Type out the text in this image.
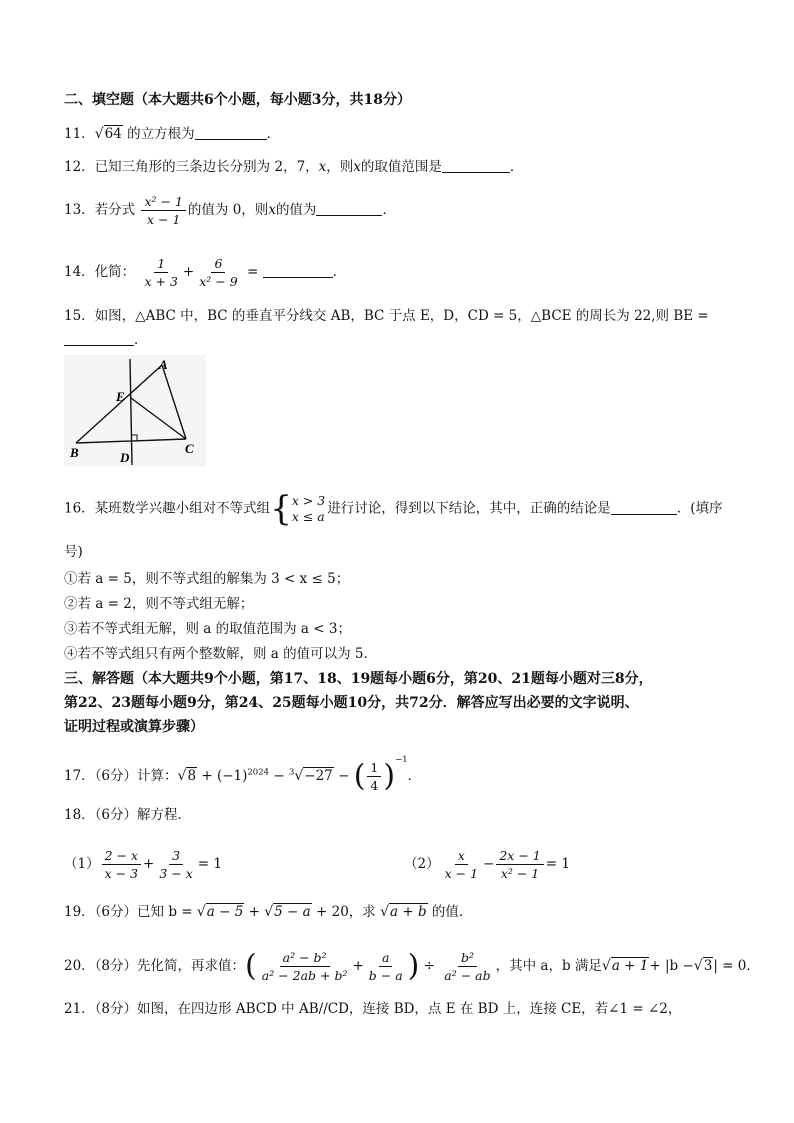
二、填空题（本大题共6个小题，每小题3分，共18分）
11．√64 的立方根为	．
12．已知三角形的三条边长分别为 2，7，x，则x的取值范围是	．
13．若分式 $\frac{\text{x² − 1}}{x - 1}$ 的值为 0，则x的值为	．
14．化简： $\frac{1}{x + 3} + \frac{6}{\text{x² − 9}}$ =	．
15．如图，△ABC 中，BC 的垂直平分线交 AB，BC 于点 E，D，CD = 5，△BCE 的周长为 22,则 BE =
．
A
E
B	D
C
16．某班数学兴趣小组对不等式组{ x > 3
x ≤ a 进行讨论，得到以下结论，其中，正确的结论是	．(填序
号)
①若 a = 5，则不等式组的解集为 3 < x ≤ 5；
②若 a = 2，则不等式组无解；
③若不等式组无解，则 a 的取值范围为 a < 3；
④若不等式组只有两个整数解，则 a 的值可以为 5．
三、解答题（本大题共9个小题，第17、18、19题每小题6分，第20、21题每小题对三8分，
第22、23题每小题9分，第24、25题每小题10分，共72分．解答应写出必要的文字说明、
证明过程或演算步骤）
17．（6分）计算：$√8 + (-1)^{2024} - ^3√-27$ − ( $\frac{1}{4} )^{-1}$．
18．（6分）解方程．
$(1) \frac{2 - x}{x - 3} + \frac{3}{3 - x} = 1$	$(2) \frac{x}{x - 1} - \frac{2x - 1}{\text{x² − 1}} = 1$
19．（6分）已知 b = √a − 5 + √5 − a + 20，求 √a + b 的值．
20．（8分）先化简，再求值：( $\frac{\text{a² − b²}}{\text{a² − 2ab + b²}} + \frac{a}{b - a}$ ) ÷ $\frac{\text{b²}}{\text{a² − ab}}$ ，其中 a，b 满足√a + 1+ |b −√3| = 0．
21．（8分）如图，在四边形 ABCD 中 AB//CD，连接 BD，点 E 在 BD 上，连接 CE，若∠1 = ∠2，
